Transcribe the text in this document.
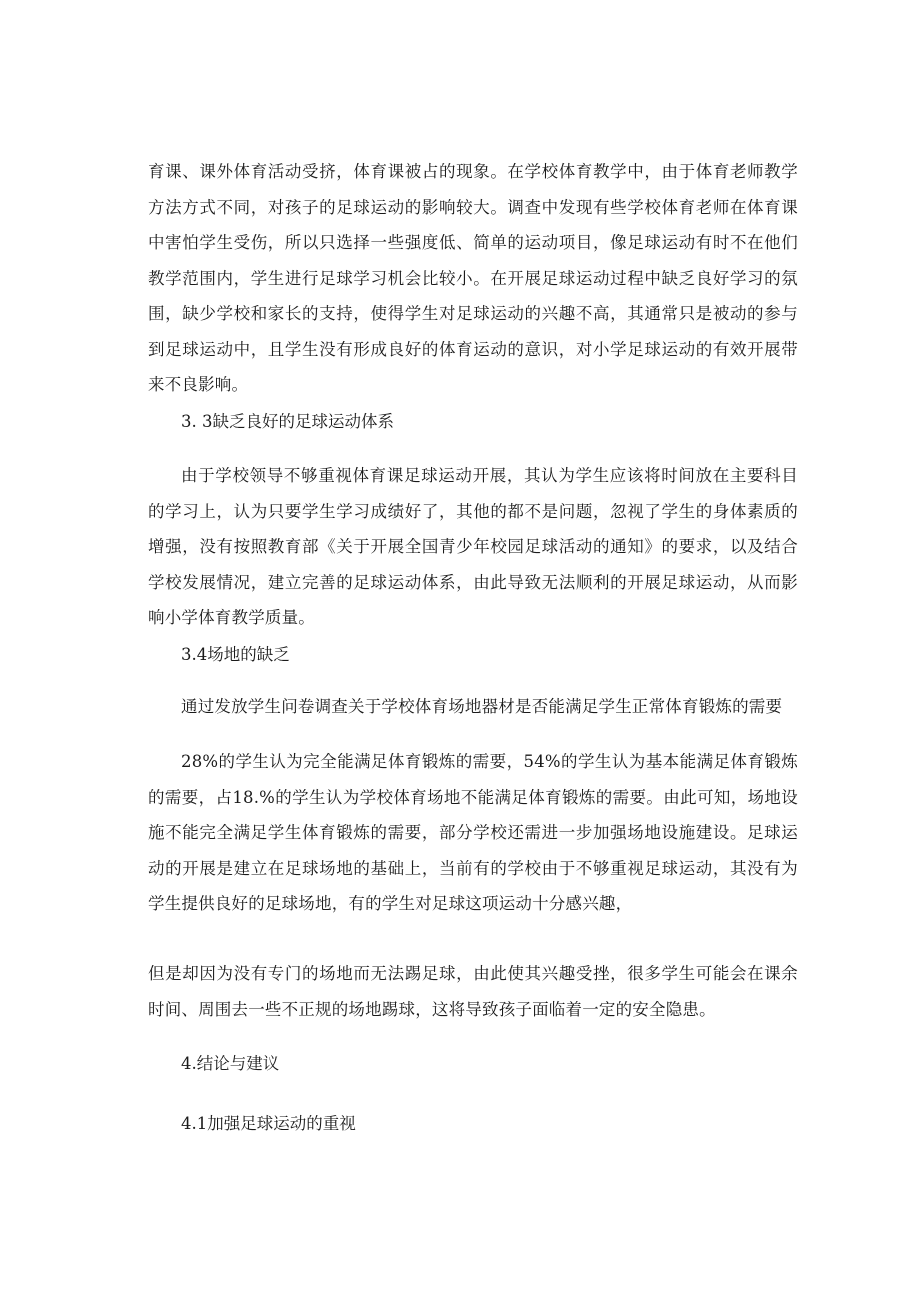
育课、课外体育活动受挤，体育课被占的现象。在学校体育教学中，由于体育老师教学方法方式不同，对孩子的足球运动的影响较大。调查中发现有些学校体育老师在体育课中害怕学生受伤，所以只选择一些强度低、简单的运动项目，像足球运动有时不在他们教学范围内，学生进行足球学习机会比较小。在开展足球运动过程中缺乏良好学习的氛围，缺少学校和家长的支持，使得学生对足球运动的兴趣不高，其通常只是被动的参与到足球运动中，且学生没有形成良好的体育运动的意识，对小学足球运动的有效开展带来不良影响。

3. 3缺乏良好的足球运动体系

由于学校领导不够重视体育课足球运动开展，其认为学生应该将时间放在主要科目的学习上，认为只要学生学习成绩好了，其他的都不是问题，忽视了学生的身体素质的增强，没有按照教育部《关于开展全国青少年校园足球活动的通知》的要求，以及结合学校发展情况，建立完善的足球运动体系，由此导致无法顺利的开展足球运动，从而影响小学体育教学质量。

3.4场地的缺乏

通过发放学生问卷调查关于学校体育场地器材是否能满足学生正常体育锻炼的需要

28%的学生认为完全能满足体育锻炼的需要，54%的学生认为基本能满足体育锻炼的需要，占18.%的学生认为学校体育场地不能满足体育锻炼的需要。由此可知，场地设施不能完全满足学生体育锻炼的需要，部分学校还需进一步加强场地设施建设。足球运动的开展是建立在足球场地的基础上，当前有的学校由于不够重视足球运动，其没有为学生提供良好的足球场地，有的学生对足球这项运动十分感兴趣，

但是却因为没有专门的场地而无法踢足球，由此使其兴趣受挫，很多学生可能会在课余时间、周围去一些不正规的场地踢球，这将导致孩子面临着一定的安全隐患。

4.结论与建议

4.1加强足球运动的重视
